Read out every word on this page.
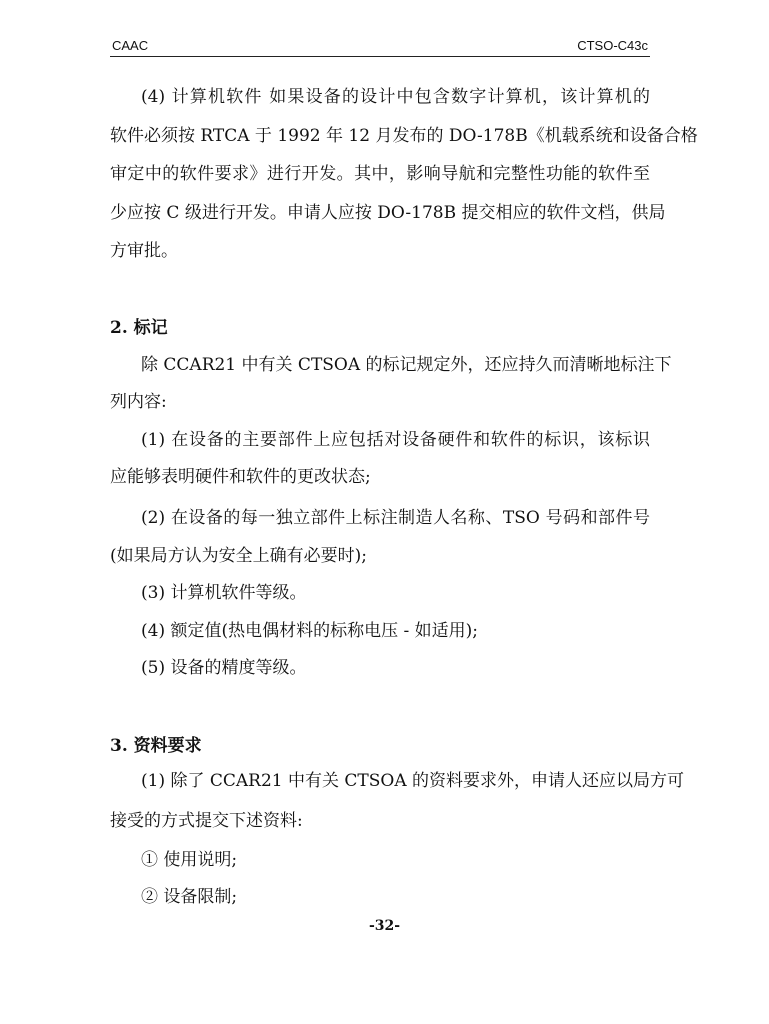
CAAC	CTSO-C43c
(4) 计算机软件 如果设备的设计中包含数字计算机，该计算机的
软件必须按 RTCA 于 1992 年 12 月发布的 DO-178B《机载系统和设备合格
审定中的软件要求》进行开发。其中，影响导航和完整性功能的软件至
少应按 C 级进行开发。申请人应按 DO-178B 提交相应的软件文档，供局
方审批。
2. 标记
除 CCAR21 中有关 CTSOA 的标记规定外，还应持久而清晰地标注下
列内容:
(1) 在设备的主要部件上应包括对设备硬件和软件的标识，该标识
应能够表明硬件和软件的更改状态;
(2) 在设备的每一独立部件上标注制造人名称、TSO 号码和部件号
(如果局方认为安全上确有必要时);
(3) 计算机软件等级。
(4) 额定值(热电偶材料的标称电压 - 如适用);
(5) 设备的精度等级。
3. 资料要求
(1) 除了 CCAR21 中有关 CTSOA 的资料要求外，申请人还应以局方可
接受的方式提交下述资料:
① 使用说明;
② 设备限制;
-32-
